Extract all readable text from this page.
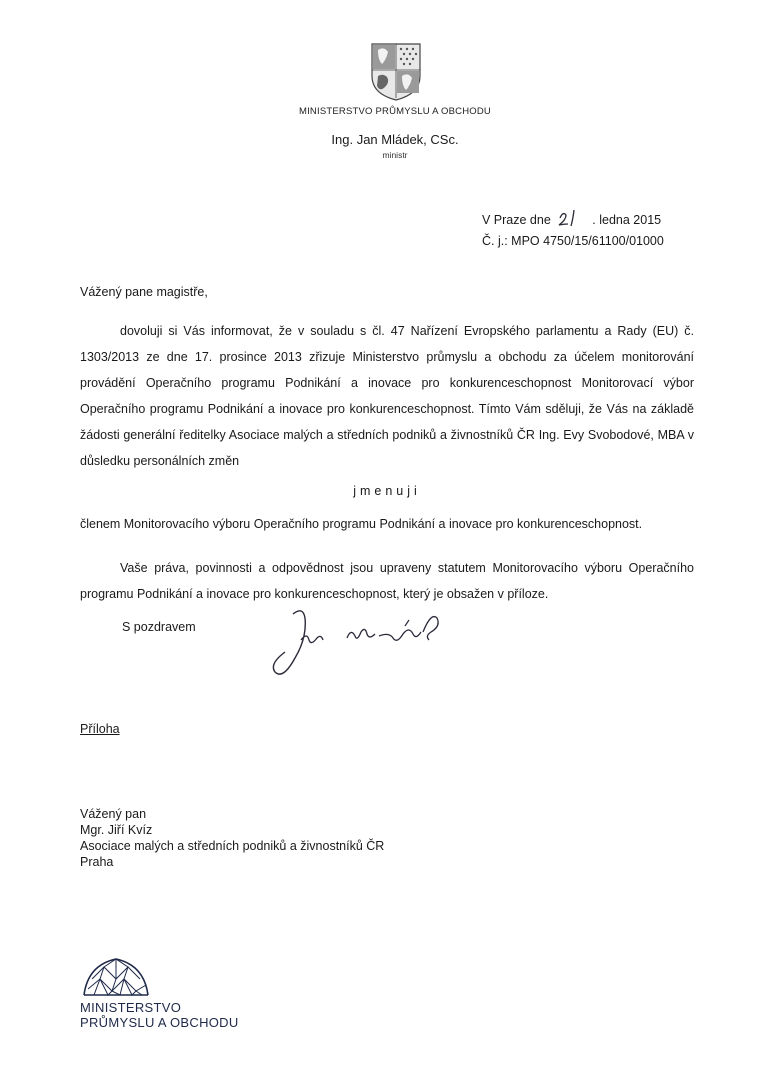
MINISTERSTVO PRŮMYSLU A OBCHODU
Ing. Jan Mládek, CSc.
ministr
V Praze dne	. ledna 2015
Č. j.: MPO 4750/15/61100/01000
Vážený pane magistře,
dovoluji si Vás informovat, že v souladu s čl. 47 Nařízení Evropského parlamentu a Rady (EU) č. 1303/2013 ze dne 17. prosince 2013 zřizuje Ministerstvo průmyslu a obchodu za účelem monitorování provádění Operačního programu Podnikání a inovace pro konkurenceschopnost Monitorovací výbor Operačního programu Podnikání a inovace pro konkurenceschopnost. Tímto Vám sděluji, že Vás na základě žádosti generální ředitelky Asociace malých a středních podniků a živnostníků ČR Ing. Evy Svobodové, MBA v důsledku personálních změn
jmenuji
členem Monitorovacího výboru Operačního programu Podnikání a inovace pro konkurenceschopnost.
Vaše práva, povinnosti a odpovědnost jsou upraveny statutem Monitorovacího výboru Operačního programu Podnikání a inovace pro konkurenceschopnost, který je obsažen v příloze.
S pozdravem
Příloha
Vážený pan
Mgr. Jiří Kvíz
Asociace malých a středních podniků a živnostníků ČR
Praha
MINISTERSTVO
PRŮMYSLU A OBCHODU
